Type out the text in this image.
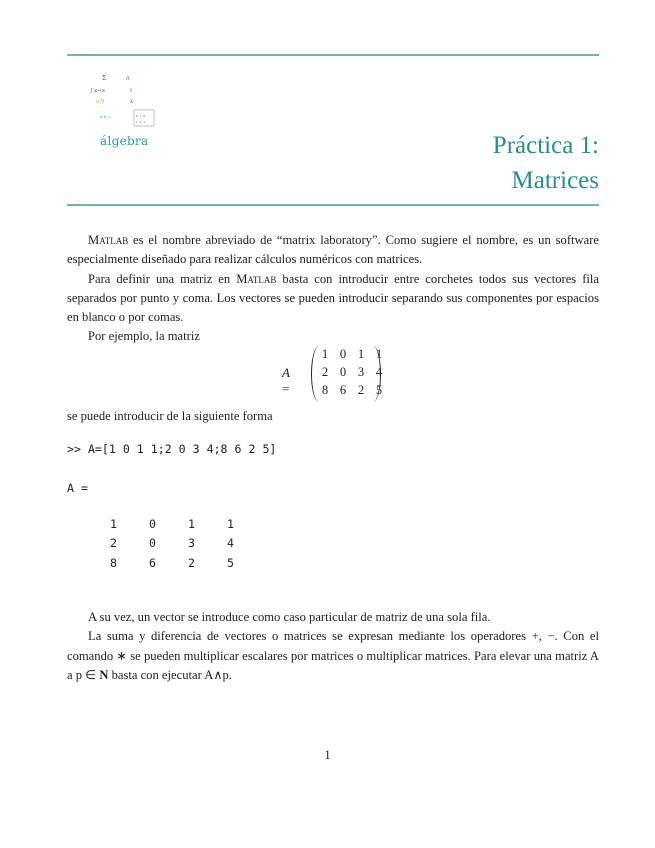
Σ	∂
∫ x→∞	ℓ
π ∇	λ
a·b =	0 1 0
1 0 1
álgebra	Práctica 1:
Matrices

Matlab es el nombre abreviado de “matrix laboratory”. Como sugiere el nombre, es un software especialmente diseñado para realizar cálculos numéricos con matrices.

Para definir una matriz en Matlab basta con introducir entre corchetes todos sus vectores fila separados por punto y coma. Los vectores se pueden introducir separando sus componentes por espacios en blanco o por comas.

Por ejemplo, la matriz

A =
1 0 1 1
2 0 3 4
8 6 2 5

se puede introducir de la siguiente forma

>> A=[1 0 1 1;2 0 3 4;8 6 2 5]
A =
1	0	1	1
2	0	3	4
8	6	2	5

A su vez, un vector se introduce como caso particular de matriz de una sola fila.

La suma y diferencia de vectores o matrices se expresan mediante los operadores +, −. Con el comando ∗ se pueden multiplicar escalares por matrices o multiplicar matrices. Para elevar una matriz A a p ∈ N basta con ejecutar A∧p.

1
